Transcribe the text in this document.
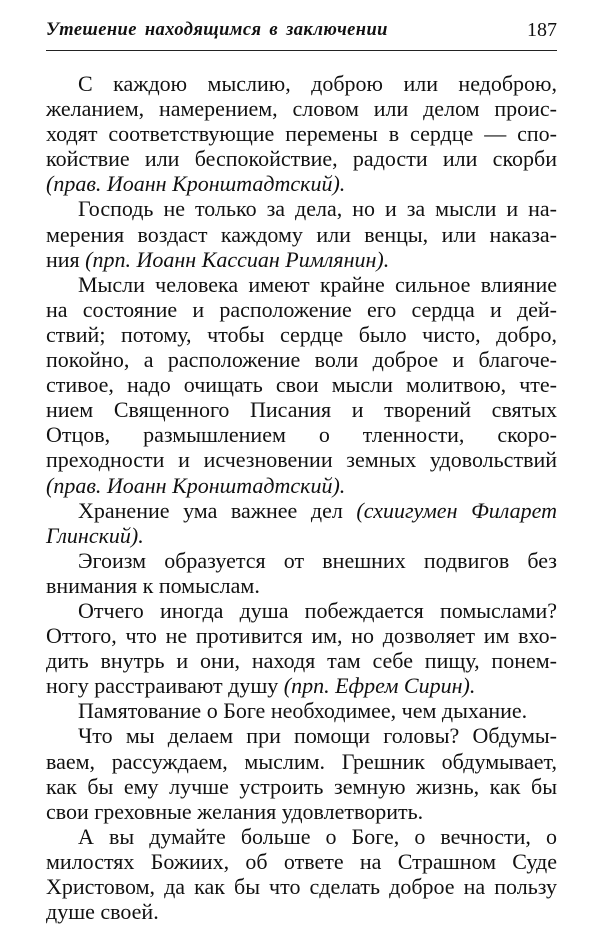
Утешение находящимся в заключении	187
С каждою мыслию, доброю или недоброю,
желанием, намерением, словом или делом проис-
ходят соответствующие перемены в сердце — спо-
койствие или беспокойствие, радости или скорби
(прав. Иоанн Кронштадтский).
Господь не только за дела, но и за мысли и на-
мерения воздаст каждому или венцы, или наказа-
ния (прп. Иоанн Кассиан Римлянин).
Мысли человека имеют крайне сильное влияние
на состояние и расположение его сердца и дей-
ствий; потому, чтобы сердце было чисто, добро,
покойно, а расположение воли доброе и благоче-
стивое, надо очищать свои мысли молитвою, чте-
нием Священного Писания и творений святых
Отцов, размышлением о тленности, скоро-
преходности и исчезновении земных удовольствий
(прав. Иоанн Кронштадтский).
Хранение ума важнее дел (схиигумен Филарет
Глинский).
Эгоизм образуется от внешних подвигов без
внимания к помыслам.
Отчего иногда душа побеждается помыслами?
Оттого, что не противится им, но дозволяет им вхо-
дить внутрь и они, находя там себе пищу, понем-
ногу расстраивают душу (прп. Ефрем Сирин).
Памятование о Боге необходимее, чем дыхание.
Что мы делаем при помощи головы? Обдумы-
ваем, рассуждаем, мыслим. Грешник обдумывает,
как бы ему лучше устроить земную жизнь, как бы
свои греховные желания удовлетворить.
А вы думайте больше о Боге, о вечности, о
милостях Божиих, об ответе на Страшном Суде
Христовом, да как бы что сделать доброе на пользу
душе своей.
